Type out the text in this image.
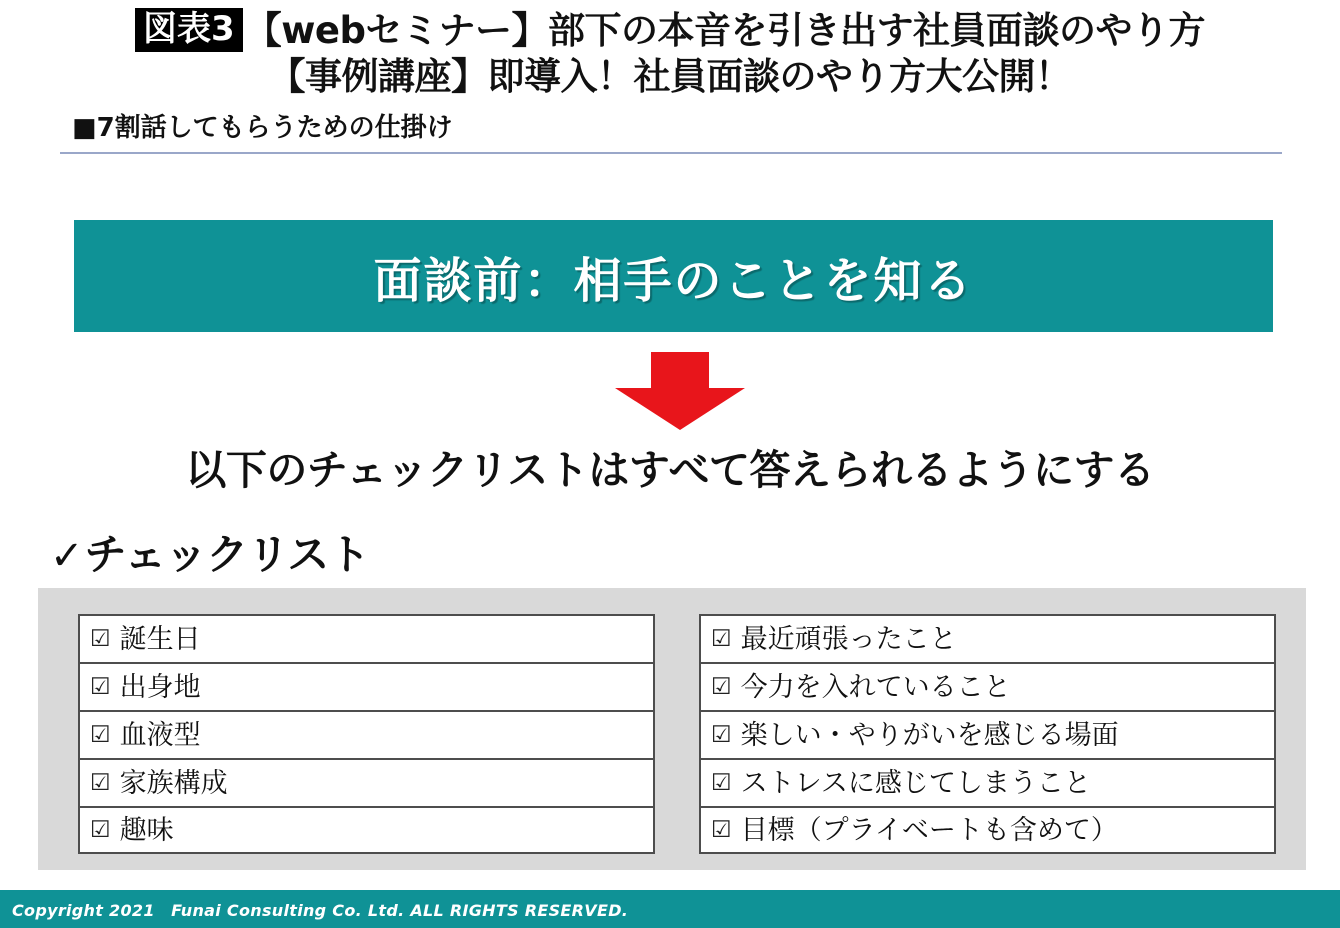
図表3 【webセミナー】部下の本音を引き出す社員面談のやり方
【事例講座】即導入！社員面談のやり方大公開！
■7割話してもらうための仕掛け
面談前：相手のことを知る
以下のチェックリストはすべて答えられるようにする
✓チェックリスト
☑ 誕生日
☑ 出身地
☑ 血液型
☑ 家族構成
☑ 趣味
☑ 最近頑張ったこと
☑ 今力を入れていること
☑ 楽しい・やりがいを感じる場面
☑ ストレスに感じてしまうこと
☑ 目標（プライベートも含めて）
Copyright 2021　Funai Consulting Co. Ltd. ALL RIGHTS RESERVED.
